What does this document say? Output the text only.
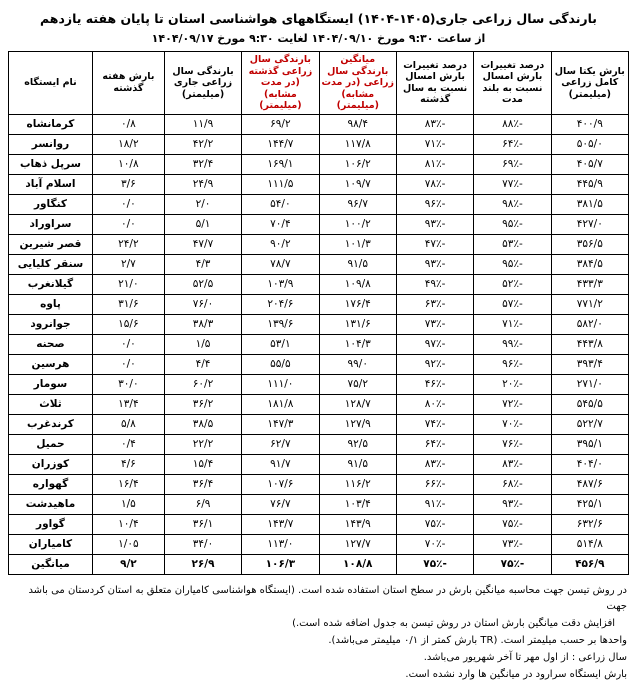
بارندگی سال زراعی جاری(۱۴۰۵-۱۴۰۴) ایستگاههای هواشناسی استان تا پایان هفته یازدهم
از ساعت ۹:۳۰ مورخ ۱۴۰۴/۰۹/۱۰ لغایت ۹:۳۰ مورخ ۱۴۰۴/۰۹/۱۷
بارش یکتا سال کامل زراعی (میلیمتر)	درصد تغییرات بارش امسال نسبت به بلند مدت	درصد تغییرات بارش امسال نسبت به سال گذشته	میانگین بارندگی سال زراعی (در مدت مشابه) (میلیمتر)	بارندگی سال زراعی گذشته (در مدت مشابه) (میلیمتر)	بارندگی سال زراعی جاری (میلیمتر)	بارش هفته گذشته	نام ایستگاه
۴۰۰/۹	-۸۸٪	-۸۳٪	۹۸/۴	۶۹/۲	۱۱/۹	۰/۸	کرمانشاه
۵۰۵/۰	-۶۴٪	-۷۱٪	۱۱۷/۸	۱۴۴/۷	۴۲/۲	۱۸/۲	روانسر
۴۰۵/۷	-۶۹٪	-۸۱٪	۱۰۶/۲	۱۶۹/۱	۳۲/۴	۱۰/۸	سرپل ذهاب
۴۴۵/۹	-۷۷٪	-۷۸٪	۱۰۹/۷	۱۱۱/۵	۲۴/۹	۳/۶	اسلام آباد
۳۸۱/۵	-۹۸٪	-۹۶٪	۹۶/۷	۵۴/۰	۲/۰	۰/۰	کنگاور
۴۲۷/۰	-۹۵٪	-۹۳٪	۱۰۰/۲	۷۰/۴	۵/۱	۰/۰	سراوراد
۳۵۶/۵	-۵۳٪	-۴۷٪	۱۰۱/۳	۹۰/۲	۴۷/۷	۲۴/۲	قصر شیرین
۳۸۴/۵	-۹۵٪	-۹۳٪	۹۱/۵	۷۸/۷	۴/۳	۲/۷	سنقر کلیایی
۴۳۳/۳	-۵۲٪	-۴۹٪	۱۰۹/۸	۱۰۳/۹	۵۲/۵	۲۱/۰	گیلانغرب
۷۷۱/۲	-۵۷٪	-۶۳٪	۱۷۶/۴	۲۰۴/۶	۷۶/۰	۳۱/۶	پاوه
۵۸۲/۰	-۷۱٪	-۷۳٪	۱۳۱/۶	۱۳۹/۶	۳۸/۳	۱۵/۶	جوانرود
۴۴۳/۸	-۹۹٪	-۹۷٪	۱۰۴/۳	۵۳/۱	۱/۵	۰/۰	صحنه
۳۹۳/۴	-۹۶٪	-۹۲٪	۹۹/۰	۵۵/۵	۴/۴	۰/۰	هرسین
۲۷۱/۰	-۲۰٪	-۴۶٪	۷۵/۲	۱۱۱/۰	۶۰/۲	۳۰/۰	سومار
۵۴۵/۵	-۷۲٪	-۸۰٪	۱۲۸/۷	۱۸۱/۸	۳۶/۲	۱۳/۴	ثلاث
۵۲۲/۷	-۷۰٪	-۷۴٪	۱۲۷/۹	۱۴۷/۳	۳۸/۵	۵/۸	کرندغرب
۳۹۵/۱	-۷۶٪	-۶۴٪	۹۲/۵	۶۲/۷	۲۲/۲	۰/۴	حمیل
۴۰۴/۰	-۸۳٪	-۸۳٪	۹۱/۵	۹۱/۷	۱۵/۴	۴/۶	کوزران
۴۸۷/۶	-۶۸٪	-۶۶٪	۱۱۶/۲	۱۰۷/۶	۳۶/۴	۱۶/۴	گهواره
۴۲۵/۱	-۹۳٪	-۹۱٪	۱۰۳/۴	۷۶/۷	۶/۹	۱/۵	ماهیدشت
۶۳۲/۶	-۷۵٪	-۷۵٪	۱۴۳/۹	۱۴۳/۷	۳۶/۱	۱۰/۴	گواور
۵۱۴/۸	-۷۳٪	-۷۰٪	۱۲۷/۷	۱۱۳/۰	۳۴/۰	۱/۰۵	کامیاران
۴۵۶/۹	-۷۵٪	-۷۵٪	۱۰۸/۸	۱۰۶/۳	۲۶/۹	۹/۲	میانگین

در روش تیسن جهت محاسبه میانگین بارش در سطح استان استفاده شده است. (ایستگاه هواشناسی کامیاران متعلق به استان کردستان می باشد جهت

افزایش دقت میانگین بارش استان در روش تیسن به جدول اضافه شده است.)

واحدها بر حسب میلیمتر است. (TR بارش کمتر از ۰/۱ میلیمتر می‌باشد).

سال زراعی : از اول مهر تا آخر شهریور می‌باشد.

بارش ایستگاه سرارود در میانگین ها وارد نشده است.
